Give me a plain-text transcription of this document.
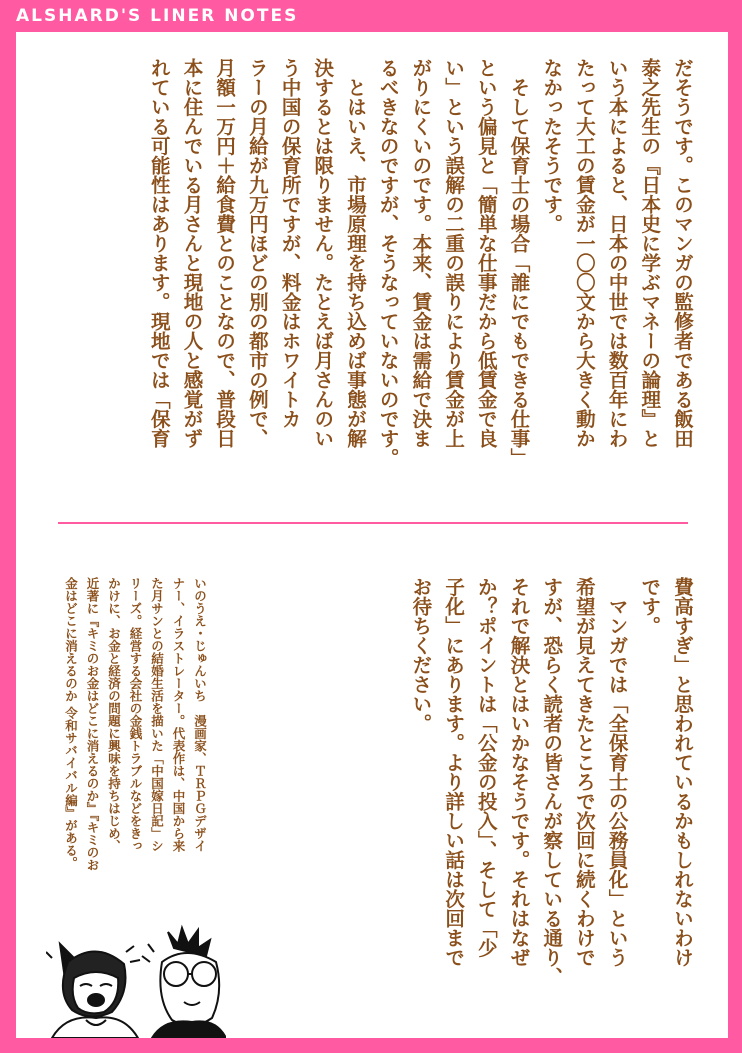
ALSHARD'S LINER NOTES

だそうです。このマンガの監修者である飯田

泰之先生の『日本史に学ぶマネーの論理』と

いう本によると、日本の中世では数百年にわ

たって大工の賃金が一〇〇文から大きく動か

なかったそうです。

　そして保育士の場合「誰にでもできる仕事」

という偏見と「簡単な仕事だから低賃金で良

い」という誤解の二重の誤りにより賃金が上

がりにくいのです。本来、賃金は需給で決ま

るべきなのですが、そうなっていないのです。

　とはいえ、市場原理を持ち込めば事態が解

決するとは限りません。たとえば月さんのい

う中国の保育所ですが、料金はホワイトカ

ラーの月給が九万円ほどの別の都市の例で、

月額一万円＋給食費とのことなので、普段日

本に住んでいる月さんと現地の人と感覚がず

れている可能性はあります。現地では「保育

費高すぎ」と思われているかもしれないわけ

です。

　マンガでは「全保育士の公務員化」という

希望が見えてきたところで次回に続くわけで

すが、恐らく読者の皆さんが察している通り、

それで解決とはいかなそうです。それはなぜ

か？ポイントは「公金の投入」、そして「少

子化」にあります。より詳しい話は次回まで

お待ちください。

いのうえ・じゅんいち　漫画家、ＴＲＰＧデザイ

ナー、イラストレーター。代表作は、中国から来

た月サンとの結婚生活を描いた「中国嫁日記」シ

リーズ。経営する会社の金銭トラブルなどをきっ

かけに、お金と経済の問題に興味を持ちはじめ、

近著に『キミのお金はどこに消えるのか』『キミのお

金はどこに消えるのか 令和サバイバル編』がある。
